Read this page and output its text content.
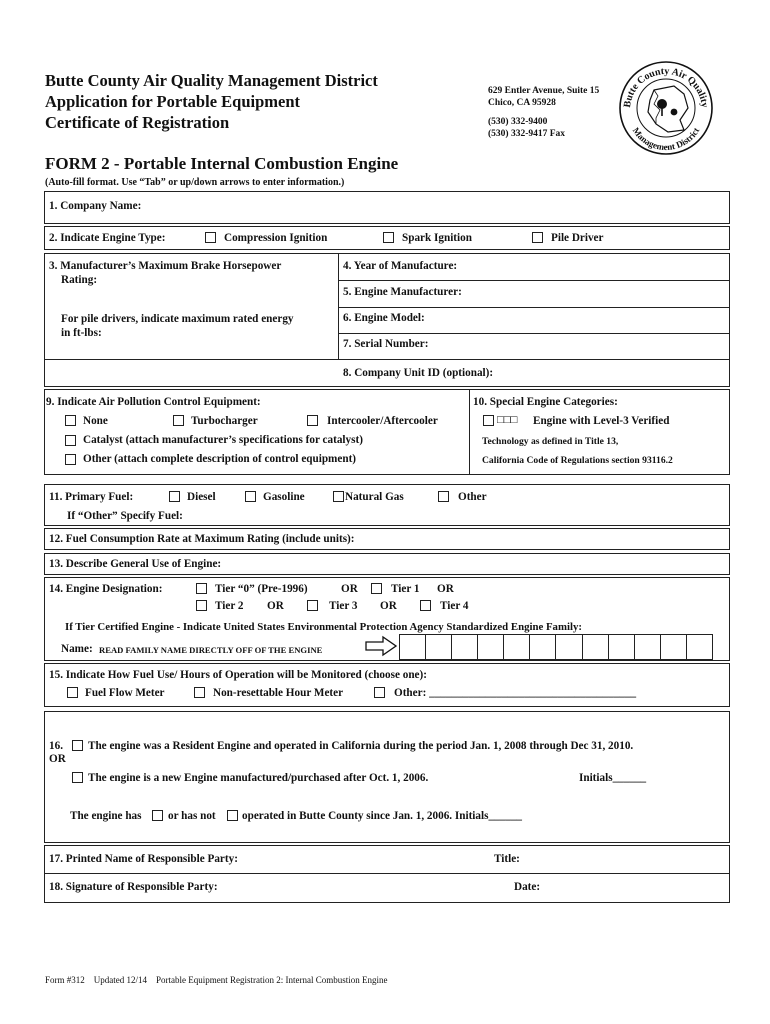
Butte County Air Quality Management District
Application for Portable Equipment
Certificate of Registration
629 Entler Avenue, Suite 15
Chico, CA 95928
(530) 332-9400
(530) 332-9417 Fax
Butte County Air Quality
Management District
FORM 2 - Portable Internal Combustion Engine
(Auto-fill format. Use “Tab” or up/down arrows to enter information.)
1. Company Name:
2. Indicate Engine Type:	Compression Ignition	Spark Ignition	Pile Driver
3. Manufacturer’s Maximum Brake Horsepower
Rating:
For pile drivers, indicate maximum rated energy
in ft-lbs:
4. Year of Manufacture:
5. Engine Manufacturer:
6. Engine Model:
7. Serial Number:
8. Company Unit ID (optional):
9. Indicate Air Pollution Control Equipment:
None	Turbocharger	Intercooler/Aftercooler
Catalyst (attach manufacturer’s specifications for catalyst)
Other (attach complete description of control equipment)
10. Special Engine Categories:
□□□ Engine with Level-3 Verified
Technology as defined in Title 13,
California Code of Regulations section 93116.2
11. Primary Fuel:	Diesel	Gasoline	Natural Gas	Other
If “Other” Specify Fuel:
12. Fuel Consumption Rate at Maximum Rating (include units):
13. Describe General Use of Engine:
14. Engine Designation:	Tier “0” (Pre-1996)	OR	Tier 1 OR
Tier 2 OR	Tier 3 OR	Tier 4
If Tier Certified Engine - Indicate United States Environmental Protection Agency Standardized Engine Family:
Name: READ FAMILY NAME DIRECTLY OFF OF THE ENGINE
15. Indicate How Fuel Use/ Hours of Operation will be Monitored (choose one):
Fuel Flow Meter	Non-resettable Hour Meter	Other: _____________________________________
16. The engine was a Resident Engine and operated in California during the period Jan. 1, 2008 through Dec 31, 2010.
OR
The engine is a new Engine manufactured/purchased after Oct. 1, 2006.	Initials______
The engine has or has not operated in Butte County since Jan. 1, 2006. Initials______
17. Printed Name of Responsible Party:	Title:
18. Signature of Responsible Party:	Date:
Form #312    Updated 12/14    Portable Equipment Registration 2: Internal Combustion Engine
